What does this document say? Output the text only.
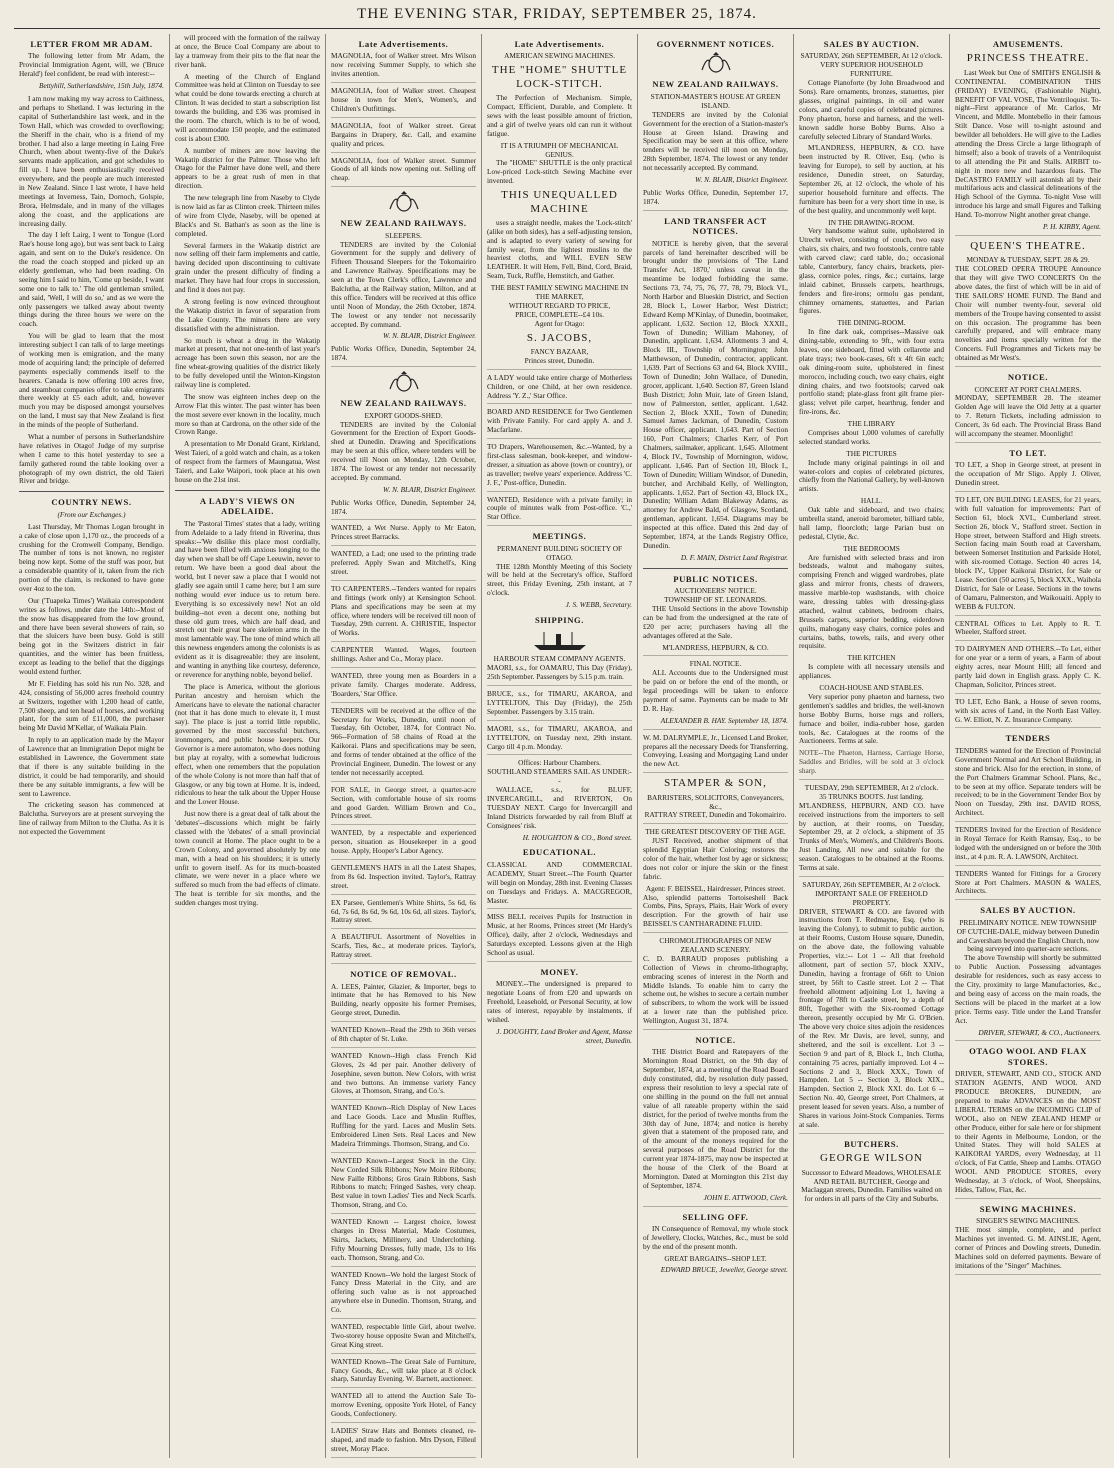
THE EVENING STAR, FRIDAY, SEPTEMBER 25, 1874.
LETTER FROM MR ADAM.

The following letter from Mr Adam, the Provincial Immigration Agent, will, we ('Bruce Herald') feel confident, be read with interest:--

Bettyhill, Sutherlandshire, 15th July, 1874.

I am now making my way across to Caithness, and perhaps to Shetland. I was lecturing in the capital of Sutherlandshire last week, and in the Town Hall, which was crowded to overflowing; the Sheriff in the chair, who is a friend of my brother. I had also a large meeting in Laing Free Church, when about twenty-five of the Duke's servants made application, and got schedules to fill up. I have been enthusiastically received everywhere, and the people are much interested in New Zealand. Since I last wrote, I have held meetings at Inverness, Tain, Dornoch, Golspie, Brora, Helmsdale, and in many of the villages along the coast, and the applications are increasing daily.

The day I left Lairg, I went to Tongue (Lord Rae's house long ago), but was sent back to Lairg again, and sent on to the Duke's residence. On the road the coach stopped and picked up an elderly gentleman, who had been reading. On seeing him I said to him, 'Come up beside, I want some one to talk to.' The old gentleman smiled, and said, 'Well, I will do so,' and as we were the only passengers we talked away about twenty things during the three hours we were on the coach.

You will be glad to learn that the most interesting subject I can talk of to large meetings of working men is emigration, and the many mode of acquiring land; the principle of deferred payments especially commends itself to the hearers. Canada is now offering 100 acres free, and steamboat companies offer to take emigrants there weekly at £5 each adult, and, however much you may be disposed amongst yourselves on the land, I must say that New Zealand is first in the minds of the people of Sutherland.

What a number of persons in Sutherlandshire have relatives in Otago! Judge of my surprise when I came to this hotel yesterday to see a family gathered round the table looking over a photograph of my own district, the old Taieri River and bridge.

COUNTRY NEWS.
(From our Exchanges.)

Last Thursday, Mr Thomas Logan brought in a cake of close upon 1,170 oz., the proceeds of a crushing for the Cromwell Company, Bendigo. The number of tons is not known, no register being now kept. Some of the stuff was poor, but a considerable quantity of it, taken from the rich portion of the claim, is reckoned to have gone over 4oz to the ton.

Our ('Tuapeka Times') Waikaia correspondent writes as follows, under date the 14th:--Most of the snow has disappeared from the low ground, and there have been several showers of rain, so that the sluicers have been busy. Gold is still being got in the Switzers district in fair quantities, and the winter has been fruitless, except as leading to the belief that the diggings would extend further.

Mr F. Fielding has sold his run No. 328, and 424, consisting of 56,000 acres freehold country at Switzers, together with 1,200 head of cattle, 7,500 sheep, and ten head of horses, and working plant, for the sum of £11,000, the purchaser being Mr David M'Kellar, of Waikaia Plain.

In reply to an application made by the Mayor of Lawrence that an Immigration Depot might be established in Lawrence, the Government state that if there is any suitable building in the district, it could be had temporarily, and should there be any suitable immigrants, a few will be sent to Lawrence.

The cricketing season has commenced at Balclutha. Surveyors are at present surveying the line of railway from Milton to the Clutha. As it is not expected the Government

will proceed with the formation of the railway at once, the Bruce Coal Company are about to lay a tramway from their pits to the flat near the river bank.

A meeting of the Church of England Committee was held at Clinton on Tuesday to see what could be done towards erecting a church at Clinton. It was decided to start a subscription list towards the building, and £36 was promised in the room. The church, which is to be of wood, will accommodate 150 people, and the estimated cost is about £300.

A number of miners are now leaving the Wakatip district for the Palmer. Those who left Otago for the Palmer have done well, and there appears to be a great rush of men in that direction.

The new telegraph line from Naseby to Clyde is now laid as far as Clinton creek. Thirteen miles of wire from Clyde, Naseby, will be opened at Black's and St. Bathan's as soon as the line is completed.

Several farmers in the Wakatip district are now selling off their farm implements and cattle, having decided upon discontinuing to cultivate grain under the present difficulty of finding a market. They have had four crops in succession, and find it does not pay.

A strong feeling is now evinced throughout the Wakatip district in favor of separation from the Lake County. The miners there are very dissatisfied with the administration.

So much is wheat a drug in the Wakatip market at present, that not one-tenth of last year's acreage has been sown this season, nor are the fine wheat-growing qualities of the district likely to be fully developed until the Winton-Kingston railway line is completed.

The snow was eighteen inches deep on the Arrow Flat this winter. The past winter has been the most severe ever known in the locality, much more so than at Cardrona, on the other side of the Crown Range.

A presentation to Mr Donald Grant, Kirkland, West Taieri, of a gold watch and chain, as a token of respect from the farmers of Maungatua, West Taieri, and Lake Waipori, took place at his own house on the 21st inst.

A LADY'S VIEWS ON ADELAIDE.

The 'Pastoral Times' states that a lady, writing from Adelaide to a lady friend in Riverina, thus speaks:--'We dislike this place most cordially, and have been filled with anxious longing to the day when we shall be off Cape Leeuwin, never to return. We have been a good deal about the world, but I never saw a place that I would not gladly see again until I came here; but I am sure nothing would ever induce us to return here. Everything is so excessively new! Not an old building--not even a decent one, nothing but these old gum trees, which are half dead, and stretch out their great bare skeleton arms in the most lamentable way. The tone of mind which all this newness engenders among the colonists is as evident as it is disagreeable: they are insolent, and wanting in anything like courtesy, deference, or reverence for anything noble, beyond belief.

The place is America, without the glorious Puritan ancestry and heroism which the Americans have to elevate the national character (not that it has done much to elevate it, I must say). The place is just a torrid little republic, governed by the most successful butchers, ironmongers, and public house keepers. Our Governor is a mere automaton, who does nothing but play at royalty, with a somewhat ludicrous effect, when one remembers that the population of the whole Colony is not more than half that of Glasgow, or any big town at Home. It is, indeed, ridiculous to hear the talk about the Upper House and the Lower House.

Just now there is a great deal of talk about the 'debates'--discussions which might be fairly classed with the 'debates' of a small provincial town council at Home. The place ought to be a Crown Colony, and governed absolutely by one man, with a head on his shoulders; it is utterly unfit to govern itself. As for its much-boasted climate, we were never in a place where we suffered so much from the bad effects of climate. The heat is terrible for six months, and the sudden changes most trying.

Late Advertisements.
MAGNOLIA, foot of Walker street. Mrs Wilson now receiving Summer Supply, to which she invites attention.
MAGNOLIA, foot of Walker street. Cheapest house in town for Men's, Women's, and Children's Outfittings.
MAGNOLIA, foot of Walker street. Great Bargains in Drapery, &c. Call, and examine quality and prices.
MAGNOLIA, foot of Walker street. Summer Goods of all kinds now opening out. Selling off cheap.
NEW ZEALAND RAILWAYS.
SLEEPERS.

TENDERS are invited by the Colonial Government for the supply and delivery of Fifteen Thousand Sleepers for the Tokomairiro and Lawrence Railway. Specifications may be seen at the Town Clerk's office, Lawrence and Balclutha, at the Railway station, Milton, and at this office. Tenders will be received at this office until Noon of Monday, the 26th October, 1874. The lowest or any tender not necessarily accepted. By command.

W. N. BLAIR, District Engineer.
Public Works Office, Dunedin, September 24, 1874.
NEW ZEALAND RAILWAYS.
EXPORT GOODS-SHED.

TENDERS are invited by the Colonial Government for the Erection of Export Goods-shed at Dunedin. Drawing and Specifications may be seen at this office, where tenders will be received till Noon on Monday, 12th October, 1874. The lowest or any tender not necessarily accepted. By command.

W. N. BLAIR, District Engineer.
Public Works Office, Dunedin, September 24, 1874.
WANTED, a Wet Nurse. Apply to Mr Eaton, Princes street Barracks.
WANTED, a Lad; one used to the printing trade preferred. Apply Swan and Mitchell's, King street.
TO CARPENTERS.--Tenders wanted for repairs and fittings (work only) at Kensington School. Plans and specifications may be seen at my office, where tenders will be received till noon of Tuesday, 29th current. A. CHRISTIE, Inspector of Works.
CARPENTER Wanted. Wages, fourteen shillings. Asher and Co., Moray place.
WANTED, three young men as Boarders in a private family. Charges moderate. Address, 'Boarders,' Star Office.
TENDERS will be received at the office of the Secretary for Works, Dunedin, until noon of Tuesday, 6th October, 1874, for Contract No. 966--Formation of 58 chains of Road at the Kaikorai. Plans and specifications may be seen, and forms of tender obtained at the office of the Provincial Engineer, Dunedin. The lowest or any tender not necessarily accepted.
FOR SALE, in George street, a quarter-acre Section, with comfortable house of six rooms and good Garden. William Brown and Co., Princes street.
WANTED, by a respectable and experienced person, situation as Housekeeper in a good house. Apply, Hooper's Labor Agency.
GENTLEMEN'S HATS in all the Latest Shapes, from 8s 6d. Inspection invited. Taylor's, Rattray street.
EX Parsee, Gentlemen's White Shirts, 5s 6d, 6s 6d, 7s 6d, 8s 6d, 9s 6d, 10s 6d, all sizes. Taylor's, Rattray street.
A BEAUTIFUL Assortment of Novelties in Scarfs, Ties, &c., at moderate prices. Taylor's, Rattray street.
NOTICE OF REMOVAL.
A. LEES, Painter, Glazier, & Importer, begs to intimate that he has Removed to his New Building, nearly opposite his former Premises, George street, Dunedin.
WANTED Known--Read the 29th to 36th verses of 8th chapter of St. Luke.
WANTED Known--High class French Kid Gloves, 2s 4d per pair. Another delivery of Josephine, seven button. New Colors, with wrist and two buttons. An immense variety Fancy Gloves, at Thomson, Strang, and Co.'s.
WANTED Known--Rich Display of New Laces and Lace Goods. Lace and Muslin Ruffles, Ruffling for the yard. Laces and Muslin Sets. Embroidered Linen Sets. Real Laces and New Madeira Trimmings. Thomson, Strang, and Co.
WANTED Known--Largest Stock in the City. New Corded Silk Ribbons; New Moire Ribbons; New Faille Ribbons; Gros Grain Ribbons, Sash Ribbons to match; Fringed Sashes, very cheap. Best value in town Ladies' Ties and Neck Scarfs. Thomson, Strang, and Co.
WANTED Known -- Largest choice, lowest charges in Dress Material, Made Costumes, Skirts, Jackets, Millinery, and Underclothing. Fifty Mourning Dresses, fully made, 13s to 16s each. Thomson, Strang, and Co.
WANTED Known--We hold the largest Stock of Fancy Dress Material in the City, and are offering such value as is not approached anywhere else in Dunedin. Thomson, Strang, and Co.
WANTED, respectable little Girl, about twelve. Two-storey house opposite Swan and Mitchell's, Great King street.
WANTED Known--The Great Sale of Furniture, Fancy Goods, &c., will take place at 8 o'clock sharp, Saturday Evening. W. Barnett, auctioneer.
WANTED all to attend the Auction Sale To-morrow Evening, opposite York Hotel, of Fancy Goods, Confectionery.
LADIES' Straw Hats and Bonnets cleaned, re-shaped, and made to fashion. Mrs Dyson, Filleul street, Moray Place.
Late Advertisements.
AMERICAN SEWING MACHINES.
THE "HOME" SHUTTLE LOCK-STITCH.

The Perfection of Mechanism. Simple, Compact, Efficient, Durable, and Complete. It sews with the least possible amount of friction, and a girl of twelve years old can run it without fatigue.

IT IS A TRIUMPH OF MECHANICAL GENIUS.

The "HOME" SHUTTLE is the only practical Low-priced Lock-stitch Sewing Machine ever invented.

THIS UNEQUALLED MACHINE

uses a straight needle, makes the 'Lock-stitch' (alike on both sides), has a self-adjusting tension, and is adapted to every variety of sewing for family wear, from the lightest muslins to the heaviest cloths, and WILL EVEN SEW LEATHER. It will Hem, Fell, Bind, Cord, Braid, Seam, Tuck, Ruffle, Hemstitch, and Gather.

THE BEST FAMILY SEWING MACHINE IN THE MARKET,
WITHOUT REGARD TO PRICE,
PRICE, COMPLETE--£4 10s.
Agent for Otago:
S. JACOBS,
FANCY BAZAAR,
Princes street, Dunedin.
A LADY would take entire charge of Motherless Children, or one Child, at her own residence. Address 'Y. Z.,' Star Office.
BOARD AND RESIDENCE for Two Gentlemen with Private Family. For card apply A. and J. Macfarlane.
TO Drapers, Warehousemen, &c.--Wanted, by a first-class salesman, book-keeper, and window-dresser, a situation as above (town or country), or as traveller; twelve years' experience. Address 'C. J. F.,' Post-office, Dunedin.
WANTED, Residence with a private family; in couple of minutes walk from Post-office. 'C.,' Star Office.
MEETINGS.
PERMANENT BUILDING SOCIETY OF OTAGO.

THE 128th Monthly Meeting of this Society will be held at the Secretary's office, Stafford street, this Friday Evening, 25th instant, at 7 o'clock.

J. S. WEBB, Secretary.
SHIPPING.
HARBOUR STEAM COMPANY AGENTS.
MAORI, s.s., for OAMARU, This Day (Friday), 25th September. Passengers by 5.15 p.m. train.
BRUCE, s.s., for TIMARU, AKAROA, and LYTTELTON, This Day (Friday), the 25th September. Passengers by 3.15 train.
MAORI, s.s., for TIMARU, AKAROA, and LYTTELTON, on Tuesday next, 29th instant. Cargo till 4 p.m. Monday.
Offices: Harbour Chambers.
SOUTHLAND STEAMERS SAIL AS UNDER:--

WALLACE, s.s., for BLUFF, INVERCARGILL, and RIVERTON, On TUESDAY NEXT. Cargo for Invercargill and Inland Districts forwarded by rail from Bluff at Consignees' risk.

H. HOUGHTON & CO., Bond street.
EDUCATIONAL.
CLASSICAL AND COMMERCIAL ACADEMY, Stuart Street.--The Fourth Quarter will begin on Monday, 28th inst. Evening Classes on Tuesdays and Fridays. A. MACGREGOR, Master.
MISS BELL receives Pupils for Instruction in Music, at her Rooms, Princes street (Mr Hardy's Office), daily, after 2 o'clock, Wednesdays and Saturdays excepted. Lessons given at the High School as usual.
MONEY.

MONEY.--The undersigned is prepared to negotiate Loans of from £20 and upwards on Freehold, Leasehold, or Personal Security, at low rates of interest, repayable by instalments, if wished.

J. DOUGHTY, Land Broker and Agent, Manse street, Dunedin.
GOVERNMENT NOTICES.
NEW ZEALAND RAILWAYS.
STATION-MASTER'S HOUSE AT GREEN ISLAND.

TENDERS are invited by the Colonial Government for the erection of a Station-master's House at Green Island. Drawing and Specification may be seen at this office, where tenders will be received till noon on Monday, 28th September, 1874. The lowest or any tender not necessarily accepted. By command.

W. N. BLAIR, District Engineer.
Public Works Office, Dunedin, September 17, 1874.
LAND TRANSFER ACT NOTICES.

NOTICE is hereby given, that the several parcels of land hereinafter described will be brought under the provisions of 'The Land Transfer Act, 1870,' unless caveat in the meantime be lodged forbidding the same. Sections 73, 74, 75, 76, 77, 78, 79, Block VI., North Harbor and Blueskin District, and Section 28, Block I., Lower Harbor, West District; Edward Kemp M'Kinlay, of Dunedin, bootmaker, applicant. 1,632. Section 12, Block XXXII., Town of Dunedin; William Mahoney, of Dunedin, applicant. 1,634. Allotments 3 and 4, Block III., Township of Mornington; John Matthewson, of Dunedin, contractor, applicant. 1,639. Part of Sections 63 and 64, Block XVIII., Town of Dunedin; John Wallace, of Dunedin, grocer, applicant. 1,640. Section 87, Green Island Bush District; John Muir, late of Green Island, now of Palmerston, settler, applicant. 1,642. Section 2, Block XXII., Town of Dunedin; Samuel James Jackman, of Dunedin, Custom House officer, applicant. 1,643. Part of Section 160, Port Chalmers; Charles Kerr, of Port Chalmers, sailmaker, applicant. 1,645. Allotment 4, Block IV., Township of Mornington, widow, applicant. 1,646. Part of Section 10, Block I., Town of Dunedin; William Windsor, of Dunedin, butcher, and Archibald Kelly, of Wellington, applicants. 1,652. Part of Section 43, Block IX., Dunedin; William Adam Blakeway Adams, as attorney for Andrew Bald, of Glasgow, Scotland, gentleman, applicant. 1,654. Diagrams may be inspected at this office. Dated this 2nd day of September, 1874, at the Lands Registry Office, Dunedin.

D. F. MAIN, District Land Registrar.
PUBLIC NOTICES.
AUCTIONEERS' NOTICE.
TOWNSHIP OF ST. LEONARDS.

THE Unsold Sections in the above Township can be had from the undersigned at the rate of £20 per acre; purchasers having all the advantages offered at the Sale.

M'LANDRESS, HEPBURN, & CO.
FINAL NOTICE.

ALL Accounts due to the Undersigned must be paid on or before the end of the month, or legal proceedings will be taken to enforce payment of same. Payments can be made to Mr D. R. Hay.

ALEXANDER B. HAY. September 18, 1874.
W. M. DALRYMPLE, Jr., Licensed Land Broker, prepares all the necessary Deeds for Transferring, Conveying, Leasing and Mortgaging Land under the new Act.
STAMPER & SON,
BARRISTERS, SOLICITORS, Conveyancers, &c.,
RATTRAY STREET, Dunedin and Tokomairiro.
THE GREATEST DISCOVERY OF THE AGE.

JUST Received, another shipment of that splendid Egyptian Hair Coloring; restores the color of the hair, whether lost by age or sickness; does not color or injure the skin or the finest fabric.

Agent: F. BEISSEL, Hairdresser, Princes street.
Also, splendid patterns Tortoiseshell Back Combs, Pins, Sprays, Plaits, Hair Work of every description. For the growth of hair use BEISSEL'S CANTHARADINE FLUID.
CHROMOLITHOGRAPHS OF NEW ZEALAND SCENERY.
C. D. BARRAUD proposes publishing a Collection of Views in chromo-lithography, embracing scenes of interest in the North and Middle Islands. To enable him to carry the scheme out, he wishes to secure a certain number of subscribers, to whom the work will be issued at a lower rate than the published price. Wellington, August 31, 1874.
NOTICE.

THE District Board and Ratepayers of the Mornington Road District, on the 9th day of September, 1874, at a meeting of the Road Board duly constituted, did, by resolution duly passed, express their resolution to levy a special rate of one shilling in the pound on the full net annual value of all rateable property within the said district, for the period of twelve months from the 30th day of June, 1874; and notice is hereby given that a statement of the proposed rate, and of the amount of the moneys required for the several purposes of the Road District for the current year 1874-1875, may now be inspected at the house of the Clerk of the Board at Mornington. Dated at Mornington this 21st day of September, 1874.

JOHN E. ATTWOOD, Clerk.
SELLING OFF.

IN Consequence of Removal, my whole stock of Jewellery, Clocks, Watches, &c., must be sold by the end of the present month.

GREAT BARGAINS--SHOP LET.
EDWARD BRUCE, Jeweller, George street.
SALES BY AUCTION.
SATURDAY, 26th SEPTEMBER, At 12 o'clock.
VERY SUPERIOR HOUSEHOLD FURNITURE.

Cottage Pianoforte (by John Broadwood and Sons). Rare ornaments, bronzes, statuettes, pier glasses, original paintings, in oil and water colors, and careful copies of celebrated pictures. Pony phaeton, horse and harness, and the well-known saddle horse Bobby Burns. Also a carefully selected Library of Standard Works.

M'LANDRESS, HEPBURN, & CO. have been instructed by R. Oliver, Esq. (who is leaving for Europe), to sell by auction, at his residence, Dunedin street, on Saturday, September 26, at 12 o'clock, the whole of his superior household furniture and effects. The furniture has been for a very short time in use, is of the best quality, and uncommonly well kept.

IN THE DRAWING-ROOM.

Very handsome walnut suite, upholstered in Utrecht velvet, consisting of couch, two easy chairs, six chairs, and two footstools, centre table with carved claw; card table, do.; occasional table, Canterbury, fancy chairs, brackets, pier-glass, cornice poles, rings, &c.; curtains, large inlaid cabinet, Brussels carpets, hearthrugs, fenders and fire-irons; ormolu gas pendant, chimney ornaments, statuettes, and Parian figures.

THE DINING-ROOM.

In fine dark oak, comprises--Massive oak dining-table, extending to 9ft., with four extra leaves, one sideboard, fitted with cellarette and plate trays; two book-cases, 6ft x 4ft 6in each; oak dining-room suite, upholstered in finest morocco, including couch, two easy chairs, eight dining chairs, and two footstools; carved oak portfolio stand; plate-glass front gilt frame pier-glass; velvet pile carpet, hearthrug, fender and fire-irons, &c.

THE LIBRARY

Comprises about 1,000 volumes of carefully selected standard works.

THE PICTURES

Include many original paintings in oil and water-colors and copies of celebrated pictures, chiefly from the National Gallery, by well-known artists.

HALL.

Oak table and sideboard, and two chairs; umbrella stand, aneroid barometer, billiard table, hall lamp, floorcloth; large Parian bust on pedestal, Clytie, &c.

THE BEDROOMS

Are furnished with selected brass and iron bedsteads, walnut and mahogany suites, comprising French and wigged wardrobes, plate glass and mirror fronts, chests of drawers, massive marble-top washstands, with choice ware, dressing tables with dressing-glass attached, walnut cabinets, bedroom chairs, Brussels carpets, superior bedding, eiderdown quilts, mahogany easy chairs, cornice poles and curtains, baths, towels, rails, and every other requisite.

THE KITCHEN

Is complete with all necessary utensils and appliances.

COACH-HOUSE AND STABLES.

Very superior pony phaeton and harness, two gentlemen's saddles and bridles, the well-known horse Bobby Burns, horse rugs and rollers, furnace and boiler, india-rubber hose, garden tools, &c. Catalogues at the rooms of the Auctioneers. Terms at sale.

NOTE--The Phaeton, Harness, Carriage Horse, Saddles and Bridles, will be sold at 3 o'clock sharp.
TUESDAY, 29th SEPTEMBER, At 2 o'clock.
35 TRUNKS BOOTS. Just landing.
M'LANDRESS, HEPBURN, AND CO. have received instructions from the importers to sell by auction, at their rooms, on Tuesday, September 29, at 2 o'clock, a shipment of 35 Trunks of Men's, Women's, and Children's Boots. Just Landing. All new and suitable for the season. Catalogues to be obtained at the Rooms. Terms at sale.
SATURDAY, 26th SEPTEMBER, At 2 o'clock.
IMPORTANT SALE OF FREEHOLD PROPERTY.
DRIVER, STEWART & CO. are favored with instructions from T. Redmayne, Esq. (who is leaving the Colony), to submit to public auction, at their Rooms, Custom House square, Dunedin, on the above date, the following valuable Properties, viz.:-- Lot 1 -- All that freehold allotment, part of section 57, block XXIV., Dunedin, having a frontage of 66ft to Union street, by 56ft to Castle street. Lot 2 -- That freehold allotment adjoining Lot 1, having a frontage of 78ft to Castle street, by a depth of 80ft, Together with the Six-roomed Cottage thereon, presently occupied by Mr G. O'Brien. The above very choice sites adjoin the residences of the Rev. Mr Davis, are level, sunny, and sheltered, and the soil is excellent. Lot 3 -- Section 9 and part of 8, Block I., Inch Clutha, containing 75 acres, partially improved. Lot 4 -- Sections 2 and 3, Block XXX., Town of Hampden. Lot 5 -- Section 3, Block XIX., Hampden. Section 2, Block XXI. do. Lot 6 -- Section No. 40, George street, Port Chalmers, at present leased for seven years. Also, a number of Shares in various Joint-Stock Companies. Terms at sale.
BUTCHERS.
GEORGE WILSON
Successor to Edward Meadows, WHOLESALE AND RETAIL BUTCHER, George and Maclaggan streets, Dunedin. Families waited on for orders in all parts of the City and Suburbs.
AMUSEMENTS.
PRINCESS THEATRE.

Last Week but One of SMITH'S ENGLISH & CONTINENTAL COMBINATION THIS (FRIDAY) EVENING, (Fashionable Night), BENEFIT OF VAL VOSE, The Ventriloquist. To-night--First appearance of Mr. Carlos, Mr Vincent, and Mdlle. Montebello in their famous Stilt Dance. Vose will to-night astound and bewilder all beholders. He will give to the Ladies attending the Dress Circle a large lithograph of himself; also a book of travels of a Ventriloquist to all attending the Pit and Stalls. AIRBIT to-night in more new and hazardous feats. The DeCASTRO FAMILY will astonish all by their multifarious acts and classical delineations of the High School of the Gymna. To-night Vose will introduce his large and small Figures and Talking Hand. To-morrow Night another great change.

P. H. KIRBY, Agent.
QUEEN'S THEATRE.
MONDAY & TUESDAY, SEPT. 28 & 29.
THE COLORED OPERA TROUPE Announce that they will give TWO CONCERTS On the above dates, the first of which will be in aid of THE SAILORS' HOME FUND. The Band and Choir will number twenty-four, several old members of the Troupe having consented to assist on this occasion. The programme has been carefully prepared, and will embrace many novelties and items specially written for the Concerts. Full Programmes and Tickets may be obtained as Mr West's.
NOTICE.
CONCERT AT PORT CHALMERS.
MONDAY, SEPTEMBER 28. The steamer Golden Age will leave the Old Jetty at a quarter to 7. Return Tickets, including admission to Concert, 3s 6d each. The Provincial Brass Band will accompany the steamer. Moonlight!
TO LET.
TO LET, a Shop in George street, at present in the occupation of Mr Sligo. Apply J. Oliver, Dunedin street.
TO LET, ON BUILDING LEASES, for 21 years, with full valuation for improvements: Part of Section 61, block XVI., Cumberland street. Section 26, block V., Stafford street. Section in Hope street, between Stafford and High streets. Section facing main South road at Caversham, between Somerset Institution and Parkside Hotel, with six-roomed Cottage. Section 40 acres 14, block IV., Upper Kaikorai District, for Sale or Lease. Section (50 acres) 5, block XXX., Waihola District, for Sale or Lease. Sections in the towns of Oamaru, Palmerston, and Waikouaiti. Apply to WEBB & FULTON.
CENTRAL Offices to Let. Apply to R. T. Wheeler, Stafford street.
TO DAIRYMEN AND OTHERS.--To Let, either for one year or a term of years, a Farm of about eighty acres, near Mount Hill; all fenced and partly laid down in English grass. Apply C. K. Chapman, Solicitor, Princes street.
TO LET, Echo Bank, a House of seven rooms, with six acres of Land, in the North East Valley. G. W. Elliott, N. Z. Insurance Company.
TENDERS
TENDERS wanted for the Erection of Provincial Government Normal and Art School Building, in stone and brick. Also for the erection, in stone, of the Port Chalmers Grammar School. Plans, &c., to be seen at my office. Separate tenders will be received; to be in the Government Tender Box by Noon on Tuesday, 29th inst. DAVID ROSS, Architect.
TENDERS Invited for the Erection of Residence in Royal Terrace for Keith Ramsay, Esq., to be lodged with the undersigned on or before the 30th inst., at 4 p.m. R. A. LAWSON, Architect.
TENDERS Wanted for Fittings for a Grocery Store at Port Chalmers. MASON & WALES, Architects.
SALES BY AUCTION.
PRELIMINARY NOTICE. NEW TOWNSHIP OF CUTCHE-DALE, midway between Dunedin and Caversham beyond the English Church, now being surveyed into quarter-acre sections.

The above Township will shortly be submitted to Public Auction. Possessing advantages desirable for residences, such as easy access to the City, proximity to large Manufactories, &c., and being easy of access on the main roads, the Sections will be placed in the market at a low price. Terms easy. Title under the Land Transfer Act.

DRIVER, STEWART, & CO., Auctioneers.
OTAGO WOOL AND FLAX STORES.
DRIVER, STEWART, AND CO., STOCK AND STATION AGENTS, AND WOOL AND PRODUCE BROKERS, DUNEDIN, are prepared to make ADVANCES on the MOST LIBERAL TERMS on the INCOMING CLIP of WOOL, also on NEW ZEALAND HEMP or other Produce, either for sale here or for shipment to their Agents in Melbourne, London, or the United States. They will hold SALES at KAIKORAI YARDS, every Wednesday, at 11 o'clock, of Fat Cattle, Sheep and Lambs. OTAGO WOOL AND PRODUCE STORES, every Wednesday, at 3 o'clock, of Wool, Sheepskins, Hides, Tallow, Flax, &c.
SEWING MACHINES.
SINGER'S SEWING MACHINES.
THE most simple, complete, and perfect Machines yet invented. G. M. AINSLIE, Agent, corner of Princes and Dowling streets, Dunedin. Machines sold on deferred payments. Beware of imitations of the "Singer" Machines.
